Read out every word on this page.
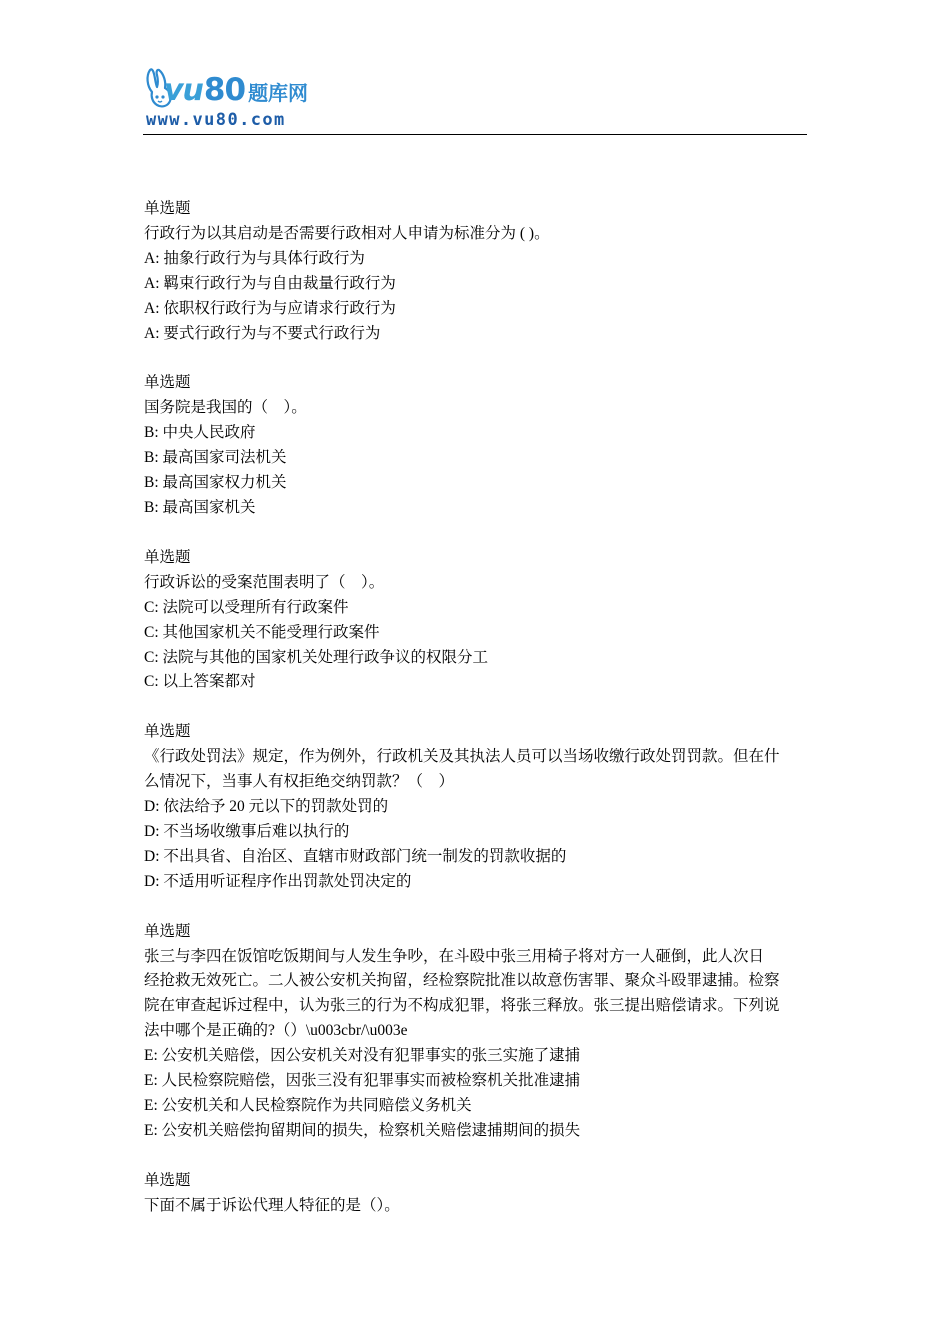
vu 80 题库网
www.vu80.com

单选题

行政行为以其启动是否需要行政相对人申请为标准分为 ( )。

A: 抽象行政行为与具体行政行为

A: 羁束行政行为与自由裁量行政行为

A: 依职权行政行为与应请求行政行为

A: 要式行政行为与不要式行政行为

单选题

国务院是我国的（　）。

B: 中央人民政府

B: 最高国家司法机关

B: 最高国家权力机关

B: 最高国家机关

单选题

行政诉讼的受案范围表明了（　）。

C: 法院可以受理所有行政案件

C: 其他国家机关不能受理行政案件

C: 法院与其他的国家机关处理行政争议的权限分工

C: 以上答案都对

单选题

《行政处罚法》规定，作为例外，行政机关及其执法人员可以当场收缴行政处罚罚款。但在什

么情况下，当事人有权拒绝交纳罚款？（　）

D: 依法给予 20 元以下的罚款处罚的

D: 不当场收缴事后难以执行的

D: 不出具省、自治区、直辖市财政部门统一制发的罚款收据的

D: 不适用听证程序作出罚款处罚决定的

单选题

张三与李四在饭馆吃饭期间与人发生争吵，在斗殴中张三用椅子将对方一人砸倒，此人次日

经抢救无效死亡。二人被公安机关拘留，经检察院批准以故意伤害罪、聚众斗殴罪逮捕。检察

院在审查起诉过程中，认为张三的行为不构成犯罪，将张三释放。张三提出赔偿请求。下列说

法中哪个是正确的?（）\u003cbr/\u003e

E: 公安机关赔偿，因公安机关对没有犯罪事实的张三实施了逮捕

E: 人民检察院赔偿，因张三没有犯罪事实而被检察机关批准逮捕

E: 公安机关和人民检察院作为共同赔偿义务机关

E: 公安机关赔偿拘留期间的损失，检察机关赔偿逮捕期间的损失

单选题

下面不属于诉讼代理人特征的是（）。
